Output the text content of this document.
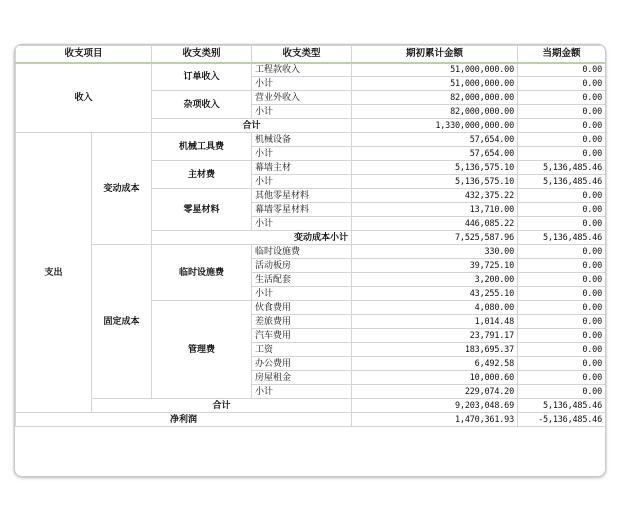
收支项目		收支类别	收支类型	期初累计金额	当期金额	
收入		订单收入	工程款收入	51,000,000.00	0.00	
			小计	51,000,000.00	0.00	
		杂项收入	营业外收入	82,000,000.00	0.00	
			小计	82,000,000.00	0.00	
		合计		1,330,000,000.00	0.00	
支出	变动成本	机械工具费	机械设备	57,654.00	0.00	
			小计	57,654.00	0.00	
		主材费	幕墙主材	5,136,575.10	5,136,485.46	
			小计	5,136,575.10	5,136,485.46	
		零星材料	其他零星材料	432,375.22	0.00	
			幕墙零星材料	13,710.00	0.00	
			小计	446,085.22	0.00	
		变动成本小计		7,525,587.96	5,136,485.46	
	固定成本	临时设施费	临时设施费	330.00	0.00	
			活动板房	39,725.10	0.00	
			生活配套	3,200.00	0.00	
			小计	43,255.10	0.00	
		管理费	伙食费用	4,080.00	0.00	
			差旅费用	1,014.48	0.00	
			汽车费用	23,791.17	0.00	
			工资	183,695.37	0.00	
			办公费用	6,492.58	0.00	
			房屋租金	10,000.60	0.00	
			小计	229,074.20	0.00	
	合计			9,203,048.69	5,136,485.46	
净利润				1,470,361.93	-5,136,485.46	
